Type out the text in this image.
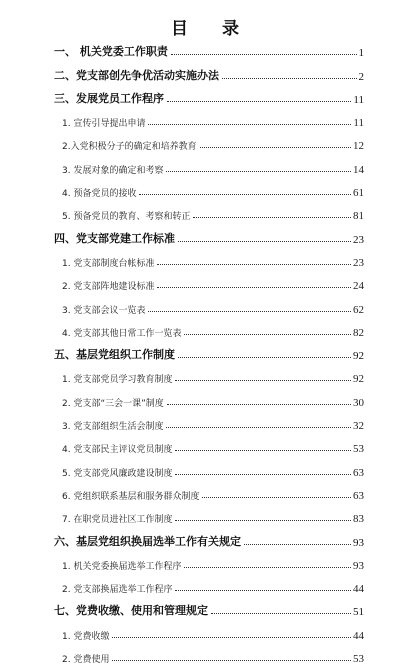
目 录
一、 机关党委工作职责	1
二、党支部创先争优活动实施办法	2
三、发展党员工作程序	11
1. 宣传引导提出申请	11
2.入党积极分子的确定和培养教育	12
3. 发展对象的确定和考察	14
4. 预备党员的接收	61
5. 预备党员的教育、考察和转正	81
四、党支部党建工作标准	23
1. 党支部制度台帐标准	23
2. 党支部阵地建设标准	24
3. 党支部会议一览表	62
4. 党支部其他日常工作一览表	82
五、基层党组织工作制度	92
1. 党支部党员学习教育制度	92
2. 党支部“三会一课”制度	30
3. 党支部组织生活会制度	32
4. 党支部民主评议党员制度	53
5. 党支部党风廉政建设制度	63
6. 党组织联系基层和服务群众制度	63
7. 在职党员进社区工作制度	83
六、基层党组织换届选举工作有关规定	93
1. 机关党委换届选举工作程序	93
2. 党支部换届选举工作程序	44
七、党费收缴、使用和管理规定	51
1. 党费收缴	44
2. 党费使用	53
